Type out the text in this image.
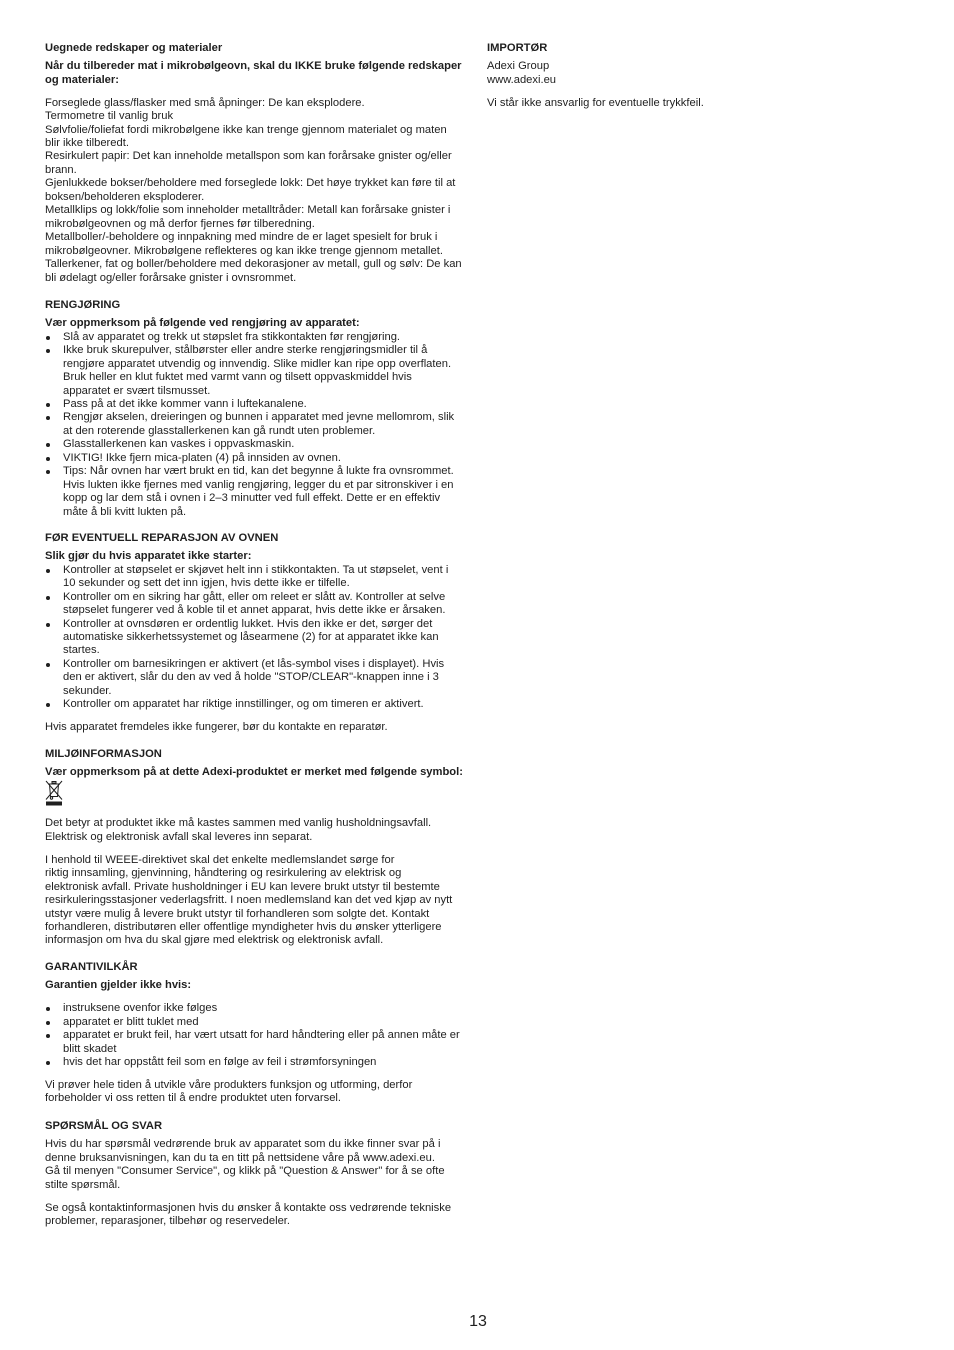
Uegnede redskaper og materialer
Når du tilbereder mat i mikrobølgeovn, skal du IKKE bruke følgende redskaper
og materialer:
Forseglede glass/flasker med små åpninger: De kan eksplodere.
Termometre til vanlig bruk
Sølvfolie/foliefat fordi mikrobølgene ikke kan trenge gjennom materialet og maten
blir ikke tilberedt.
Resirkulert papir: Det kan inneholde metallspon som kan forårsake gnister og/eller
brann.
Gjenlukkede bokser/beholdere med forseglede lokk: Det høye trykket kan føre til at
boksen/beholderen eksploderer.
Metallklips og lokk/folie som inneholder metalltråder: Metall kan forårsake gnister i
mikrobølgeovnen og må derfor fjernes før tilberedning.
Metallboller/-beholdere og innpakning med mindre de er laget spesielt for bruk i
mikrobølgeovner. Mikrobølgene reflekteres og kan ikke trenge gjennom metallet.
Tallerkener, fat og boller/beholdere med dekorasjoner av metall, gull og sølv: De kan
bli ødelagt og/eller forårsake gnister i ovnsrommet.
RENGJØRING
Vær oppmerksom på følgende ved rengjøring av apparatet:
Slå av apparatet og trekk ut støpslet fra stikkontakten før rengjøring.
Ikke bruk skurepulver, stålbørster eller andre sterke rengjøringsmidler til å
rengjøre apparatet utvendig og innvendig. Slike midler kan ripe opp overflaten.
Bruk heller en klut fuktet med varmt vann og tilsett oppvaskmiddel hvis
apparatet er svært tilsmusset.
Pass på at det ikke kommer vann i luftekanalene.
Rengjør akselen, dreieringen og bunnen i apparatet med jevne mellomrom, slik
at den roterende glasstallerkenen kan gå rundt uten problemer.
Glasstallerkenen kan vaskes i oppvaskmaskin.
VIKTIG! Ikke fjern mica-platen (4) på innsiden av ovnen.
Tips: Når ovnen har vært brukt en tid, kan det begynne å lukte fra ovnsrommet.
Hvis lukten ikke fjernes med vanlig rengjøring, legger du et par sitronskiver i en
kopp og lar dem stå i ovnen i 2–3 minutter ved full effekt. Dette er en effektiv
måte å bli kvitt lukten på.
FØR EVENTUELL REPARASJON AV OVNEN
Slik gjør du hvis apparatet ikke starter:
Kontroller at støpselet er skjøvet helt inn i stikkontakten. Ta ut støpselet, vent i
10 sekunder og sett det inn igjen, hvis dette ikke er tilfelle.
Kontroller om en sikring har gått, eller om releet er slått av. Kontroller at selve
støpselet fungerer ved å koble til et annet apparat, hvis dette ikke er årsaken.
Kontroller at ovnsdøren er ordentlig lukket. Hvis den ikke er det, sørger det
automatiske sikkerhetssystemet og låsearmene (2) for at apparatet ikke kan
startes.
Kontroller om barnesikringen er aktivert (et lås-symbol vises i displayet). Hvis
den er aktivert, slår du den av ved å holde "STOP/CLEAR"-knappen inne i 3
sekunder.
Kontroller om apparatet har riktige innstillinger, og om timeren er aktivert.
Hvis apparatet fremdeles ikke fungerer, bør du kontakte en reparatør.
MILJØINFORMASJON
Vær oppmerksom på at dette Adexi-produktet er merket med følgende symbol:
Det betyr at produktet ikke må kastes sammen med vanlig husholdningsavfall.
Elektrisk og elektronisk avfall skal leveres inn separat.
I henhold til WEEE-direktivet skal det enkelte medlemslandet sørge for
riktig innsamling, gjenvinning, håndtering og resirkulering av elektrisk og
elektronisk avfall. Private husholdninger i EU kan levere brukt utstyr til bestemte
resirkuleringsstasjoner vederlagsfritt. I noen medlemsland kan det ved kjøp av nytt
utstyr være mulig å levere brukt utstyr til forhandleren som solgte det. Kontakt
forhandleren, distributøren eller offentlige myndigheter hvis du ønsker ytterligere
informasjon om hva du skal gjøre med elektrisk og elektronisk avfall.
GARANTIVILKÅR
Garantien gjelder ikke hvis:
instruksene ovenfor ikke følges
apparatet er blitt tuklet med
apparatet er brukt feil, har vært utsatt for hard håndtering eller på annen måte er
blitt skadet
hvis det har oppstått feil som en følge av feil i strømforsyningen
Vi prøver hele tiden å utvikle våre produkters funksjon og utforming, derfor
forbeholder vi oss retten til å endre produktet uten forvarsel.
SPØRSMÅL OG SVAR
Hvis du har spørsmål vedrørende bruk av apparatet som du ikke finner svar på i
denne bruksanvisningen, kan du ta en titt på nettsidene våre på www.adexi.eu.
Gå til menyen "Consumer Service", og klikk på "Question & Answer" for å se ofte
stilte spørsmål.
Se også kontaktinformasjonen hvis du ønsker å kontakte oss vedrørende tekniske
problemer, reparasjoner, tilbehør og reservedeler.
IMPORTØR
Adexi Group
www.adexi.eu
Vi står ikke ansvarlig for eventuelle trykkfeil.
13
